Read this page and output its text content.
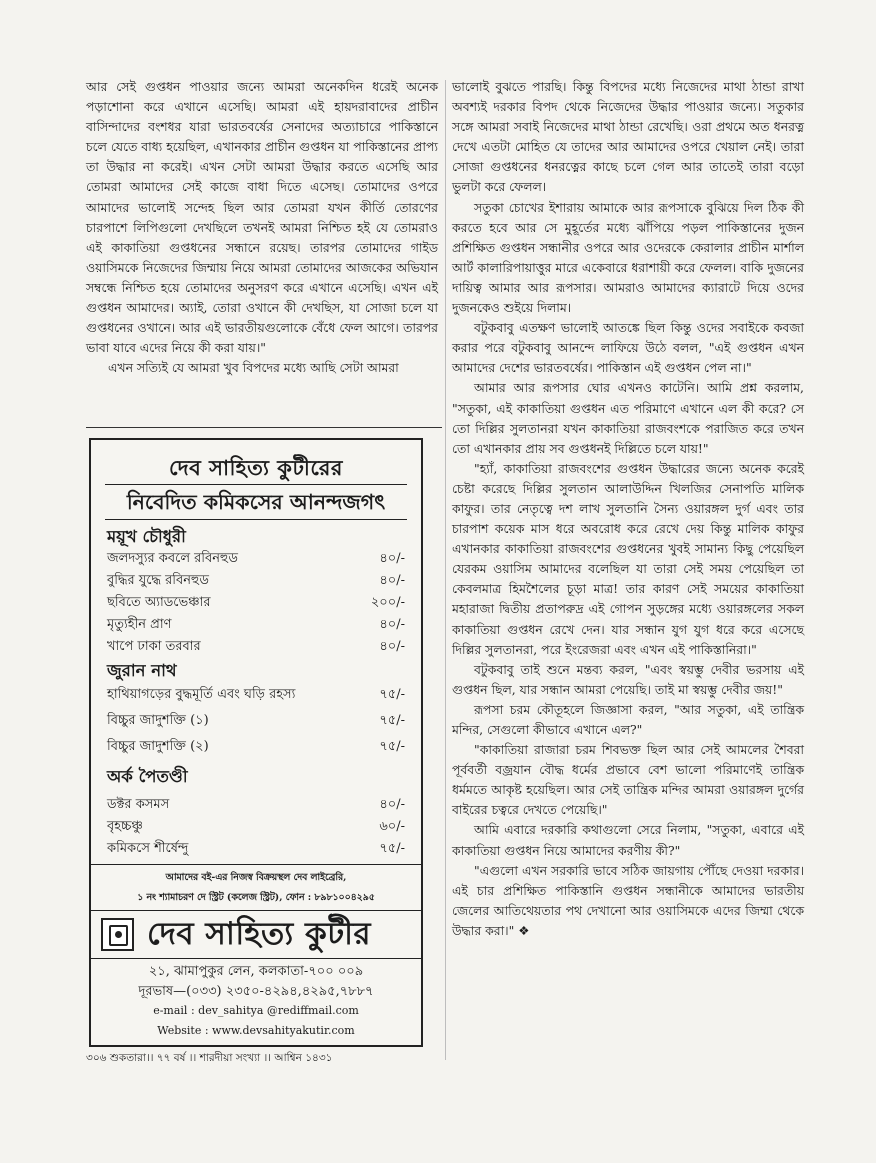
আর সেই গুপ্তধন পাওয়ার জন্যে আমরা অনেকদিন ধরেই অনেক পড়াশোনা করে এখানে এসেছি। আমরা এই হায়দরাবাদের প্রাচীন বাসিন্দাদের বংশধর যারা ভারতবর্ষের সেনাদের অত্যাচারে পাকিস্তানে চলে যেতে বাধ্য হয়েছিল, এখানকার প্রাচীন গুপ্তধন যা পাকিস্তানের প্রাপ্য তা উদ্ধার না করেই। এখন সেটা আমরা উদ্ধার করতে এসেছি আর তোমরা আমাদের সেই কাজে বাধা দিতে এসেছ। তোমাদের ওপরে আমাদের ভালোই সন্দেহ ছিল আর তোমরা যখন কীর্তি তোরণের চারপাশে লিপিগুলো দেখছিলে তখনই আমরা নিশ্চিত হই যে তোমরাও এই কাকাতিয়া গুপ্তধনের সন্ধানে রয়েছ। তারপর তোমাদের গাইড ওয়াসিমকে নিজেদের জিম্মায় নিয়ে আমরা তোমাদের আজকের অভিযান সম্বন্ধে নিশ্চিত হয়ে তোমাদের অনুসরণ করে এখানে এসেছি। এখন এই গুপ্তধন আমাদের। অ্যাই, তোরা ওখানে কী দেখছিস, যা সোজা চলে যা গুপ্তধনের ওখানে। আর এই ভারতীয়গুলোকে বেঁধে ফেল আগে। তারপর ভাবা যাবে এদের নিয়ে কী করা যায়।"

এখন সত্যিই যে আমরা খুব বিপদের মধ্যে আছি সেটা আমরা

ভালোই বুঝতে পারছি। কিন্তু বিপদের মধ্যে নিজেদের মাথা ঠান্ডা রাখা অবশ্যই দরকার বিপদ থেকে নিজেদের উদ্ধার পাওয়ার জন্যে। সতুকার সঙ্গে আমরা সবাই নিজেদের মাথা ঠান্ডা রেখেছি। ওরা প্রথমে অত ধনরত্ন দেখে এতটা মোহিত যে তাদের আর আমাদের ওপরে খেয়াল নেই। তারা সোজা গুপ্তধনের ধনরত্নের কাছে চলে গেল আর তাতেই তারা বড়ো ভুলটা করে ফেলল।

সতুকা চোখের ইশারায় আমাকে আর রূপসাকে বুঝিয়ে দিল ঠিক কী করতে হবে আর সে মুহূর্তের মধ্যে ঝাঁপিয়ে পড়ল পাকিস্তানের দুজন প্রশিক্ষিত গুপ্তধন সন্ধানীর ওপরে আর ওদেরকে কেরালার প্রাচীন মার্শাল আর্ট কালারিপায়াত্তুর মারে একেবারে ধরাশায়ী করে ফেলল। বাকি দুজনের দায়িত্ব আমার আর রূপসার। আমরাও আমাদের ক্যারাটে দিয়ে ওদের দুজনকেও শুইয়ে দিলাম।

বটুকবাবু এতক্ষণ ভালোই আতঙ্কে ছিল কিন্তু ওদের সবাইকে কবজা করার পরে বটুকবাবু আনন্দে লাফিয়ে উঠে বলল, "এই গুপ্তধন এখন আমাদের দেশের ভারতবর্ষের। পাকিস্তান এই গুপ্তধন পেল না।"

আমার আর রূপসার ঘোর এখনও কাটেনি। আমি প্রশ্ন করলাম, "সতুকা, এই কাকাতিয়া গুপ্তধন এত পরিমাণে এখানে এল কী করে? সে তো দিল্লির সুলতানরা যখন কাকাতিয়া রাজবংশকে পরাজিত করে তখন তো এখানকার প্রায় সব গুপ্তধনই দিল্লিতে চলে যায়!"

"হ্যাঁ, কাকাতিয়া রাজবংশের গুপ্তধন উদ্ধারের জন্যে অনেক করেই চেষ্টা করেছে দিল্লির সুলতান আলাউদ্দিন খিলজির সেনাপতি মালিক কাফুর। তার নেতৃত্বে দশ লাখ সুলতানি সৈন্য ওয়ারঙ্গল দুর্গ এবং তার চারপাশ কয়েক মাস ধরে অবরোধ করে রেখে দেয় কিন্তু মালিক কাফুর এখানকার কাকাতিয়া রাজবংশের গুপ্তধনের খুবই সামান্য কিছু পেয়েছিল যেরকম ওয়াসিম আমাদের বলেছিল যা তারা সেই সময় পেয়েছিল তা কেবলমাত্র হিমশৈলের চূড়া মাত্র! তার কারণ সেই সময়ের কাকাতিয়া মহারাজা দ্বিতীয় প্রতাপরুদ্র এই গোপন সুড়ঙ্গের মধ্যে ওয়ারঙ্গলের সকল কাকাতিয়া গুপ্তধন রেখে দেন। যার সন্ধান যুগ যুগ ধরে করে এসেছে দিল্লির সুলতানরা, পরে ইংরেজরা এবং এখন এই পাকিস্তানিরা।"

বটুকবাবু তাই শুনে মন্তব্য করল, "এবং স্বয়ম্ভু দেবীর ভরসায় এই গুপ্তধন ছিল, যার সন্ধান আমরা পেয়েছি। তাই মা স্বয়ম্ভু দেবীর জয়!"

রূপসা চরম কৌতূহলে জিজ্ঞাসা করল, "আর সতুকা, এই তান্ত্রিক মন্দির, সেগুলো কীভাবে এখানে এল?"

"কাকাতিয়া রাজারা চরম শিবভক্ত ছিল আর সেই আমলের শৈবরা পূর্ববর্তী বজ্রযান বৌদ্ধ ধর্মের প্রভাবে বেশ ভালো পরিমাণেই তান্ত্রিক ধর্মমতে আকৃষ্ট হয়েছিল। আর সেই তান্ত্রিক মন্দির আমরা ওয়ারঙ্গল দুর্গের বাইরের চত্বরে দেখতে পেয়েছি।"

আমি এবারে দরকারি কথাগুলো সেরে নিলাম, "সতুকা, এবারে এই কাকাতিয়া গুপ্তধন নিয়ে আমাদের করণীয় কী?"

"এগুলো এখন সরকারি ভাবে সঠিক জায়গায় পৌঁছে দেওয়া দরকার। এই চার প্রশিক্ষিত পাকিস্তানি গুপ্তধন সন্ধানীকে আমাদের ভারতীয় জেলের আতিথেয়তার পথ দেখানো আর ওয়াসিমকে এদের জিম্মা থেকে উদ্ধার করা।" ❖

দেব সাহিত্য কুটীরের
নিবেদিত কমিকসের আনন্দজগৎ
ময়ূখ চৌধুরী
জলদস্যুর কবলে রবিনহুড	৪০/-
বুদ্ধির যুদ্ধে রবিনহুড	৪০/-
ছবিতে অ্যাডভেঞ্চার	২০০/-
মৃত্যুহীন প্রাণ	৪০/-
খাপে ঢাকা তরবার	৪০/-
জুরান নাথ
হাথিয়াগড়ের বুদ্ধমূর্তি এবং ঘড়ি রহস্য	৭৫/-
বিচ্চুর জাদুশক্তি (১)	৭৫/-
বিচ্চুর জাদুশক্তি (২)	৭৫/-
অর্ক পৈতণ্ডী
ডক্টর কসমস	৪০/-
বৃহচ্চঞ্চু	৬০/-
কমিকসে শীর্ষেন্দু	৭৫/-
আমাদের বই-এর নিজস্ব বিক্রয়স্থল দেব লাইব্রেরি,
১ নং শ্যামাচরণ দে স্ট্রিট (কলেজ স্ট্রিট), ফোন : ৮৯৮১০০৪২৯৫
দেব সাহিত্য কুটীর
২১, ঝামাপুকুর লেন, কলকাতা-৭০০ ০০৯
দূরভাষ—(০৩৩) ২৩৫০-৪২৯৪,৪২৯৫,৭৮৮৭
e-mail : dev_sahitya @rediffmail.com
Website : www.devsahityakutir.com
৩০৬ শুকতারা।। ৭৭ বর্ষ ।। শারদীয়া সংখ্যা ।। আশ্বিন ১৪৩১
